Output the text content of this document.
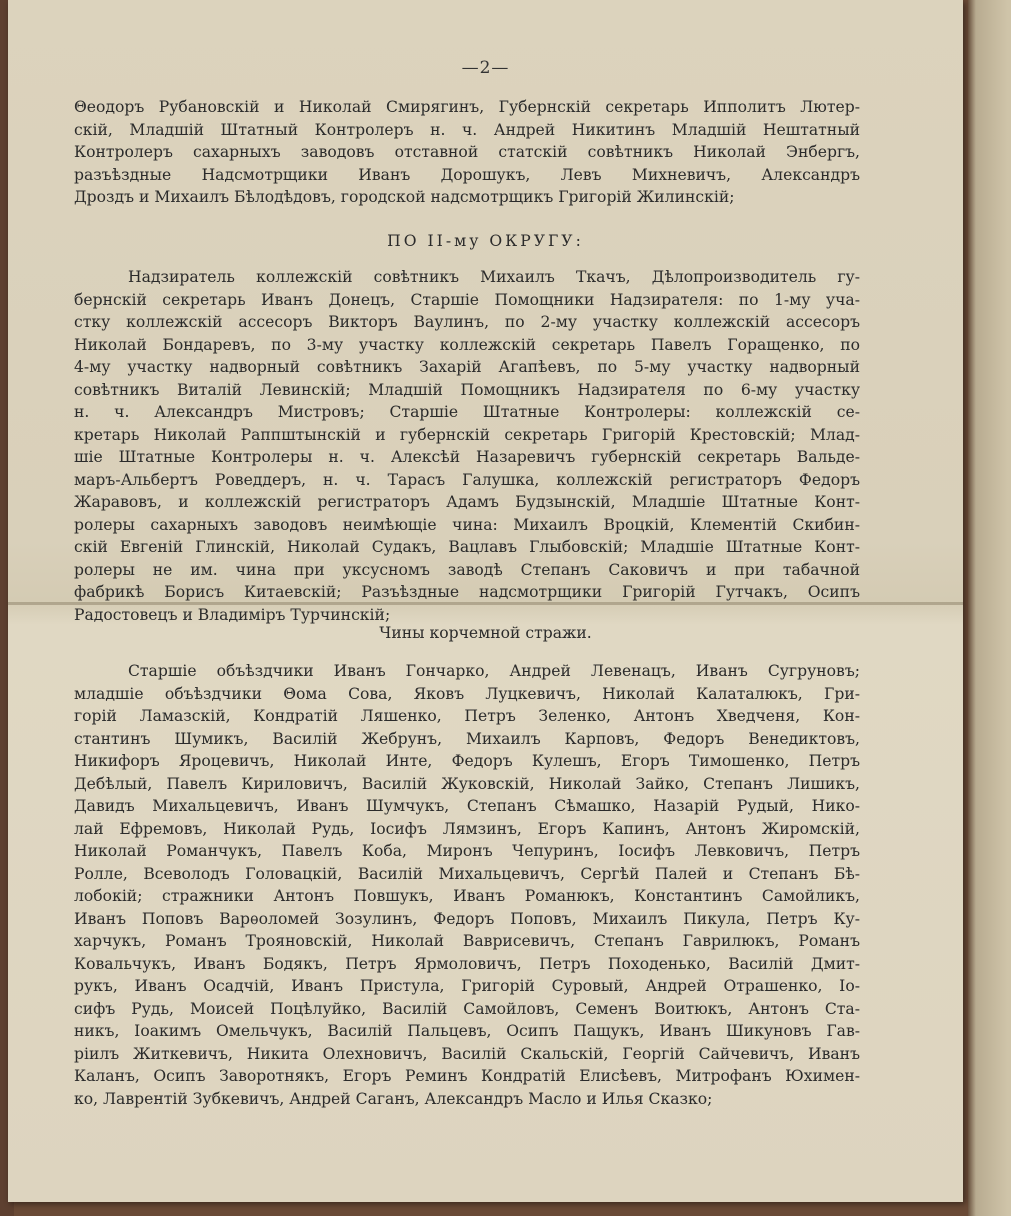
—2—
Θеодоръ Рубановскій и Николай Смирягинъ, Губернскій секретарь Ипполитъ Лютер-
скій, Младшій Штатный Контролеръ н. ч. Андрей Никитинъ Младшій Нештатный
Контролеръ сахарныхъ заводовъ отставной статскій совѣтникъ Николай Энбергъ,
разъѣздные Надсмотрщики Иванъ Дорошукъ, Левъ Михневичъ, Александръ
Дроздъ и Михаилъ Бѣлодѣдовъ, городской надсмотрщикъ Григорій Жилинскій;
ПО ІІ-му ОКРУГУ:
Надзиратель коллежскій совѣтникъ Михаилъ Ткачъ, Дѣлопроизводитель гу-
бернскій секретарь Иванъ Донецъ, Старшіе Помощники Надзирателя: по 1-му уча-
стку коллежскій ассесоръ Викторъ Ваулинъ, по 2-му участку коллежскій ассесоръ
Николай Бондаревъ, по 3-му участку коллежскій секретарь Павелъ Горащенко, по
4-му участку надворный совѣтникъ Захарій Агапѣевъ, по 5-му участку надворный
совѣтникъ Виталій Левинскій; Младшій Помощникъ Надзирателя по 6-му участку
н. ч. Александръ Мистровъ; Старшіе Штатные Контролеры: коллежскій се-
кретарь Николай Раппштынскій и губернскій секретарь Григорій Крестовскій; Млад-
шіе Штатные Контролеры н. ч. Алексѣй Назаревичъ губернскій секретарь Вальде-
маръ-Альбертъ Роведдеръ, н. ч. Тарасъ Галушка, коллежскій регистраторъ Федоръ
Жаравовъ, и коллежскій регистраторъ Адамъ Будзынскій, Младшіе Штатные Конт-
ролеры сахарныхъ заводовъ неимѣющіе чина: Михаилъ Вроцкій, Клементій Скибин-
скій Евгеній Глинскій, Николай Судакъ, Вацлавъ Глыбовскій; Младшіе Штатные Конт-
ролеры не им. чина при уксусномъ заводѣ Степанъ Саковичъ и при табачной
фабрикѣ Борисъ Китаевскій; Разъѣздные надсмотрщики Григорій Гутчакъ, Осипъ
Радостовецъ и Владиміръ Турчинскій;
Чины корчемной стражи.
Старшіе объѣздчики Иванъ Гончарко, Андрей Левенацъ, Иванъ Сугруновъ;
младшіе объѣздчики Θома Сова, Яковъ Луцкевичъ, Николай Калаталюкъ, Гри-
горій Ламазскій, Кондратій Ляшенко, Петръ Зеленко, Антонъ Хведченя, Кон-
стантинъ Шумикъ, Василій Жебрунъ, Михаилъ Карповъ, Федоръ Венедиктовъ,
Никифоръ Яроцевичъ, Николай Инте, Федоръ Кулешъ, Егоръ Тимошенко, Петръ
Дебѣлый, Павелъ Кириловичъ, Василій Жуковскій, Николай Зайко, Степанъ Лишикъ,
Давидъ Михальцевичъ, Иванъ Шумчукъ, Степанъ Сѣмашко, Назарій Рудый, Нико-
лай Ефремовъ, Николай Рудь, Іосифъ Лямзинъ, Егоръ Капинъ, Антонъ Жиромскій,
Николай Романчукъ, Павелъ Коба, Миронъ Чепуринъ, Іосифъ Левковичъ, Петръ
Ролле, Всеволодъ Головацкій, Василій Михальцевичъ, Сергѣй Палей и Степанъ Бѣ-
лобокій; стражники Антонъ Повшукъ, Иванъ Романюкъ, Константинъ Самойликъ,
Иванъ Поповъ Варѳоломей Зозулинъ, Федоръ Поповъ, Михаилъ Пикула, Петръ Ку-
харчукъ, Романъ Трояновскій, Николай Ваврисевичъ, Степанъ Гаврилюкъ, Романъ
Ковальчукъ, Иванъ Бодякъ, Петръ Ярмоловичъ, Петръ Походенько, Василій Дмит-
рукъ, Иванъ Осадчій, Иванъ Пристула, Григорій Суровый, Андрей Отрашенко, Іо-
сифъ Рудь, Моисей Поцѣлуйко, Василій Самойловъ, Семенъ Воитюкъ, Антонъ Ста-
никъ, Іоакимъ Омельчукъ, Василій Пальцевъ, Осипъ Пащукъ, Иванъ Шикуновъ Гав-
ріилъ Житкевичъ, Никита Олехновичъ, Василій Скальскій, Георгій Сайчевичъ, Иванъ
Каланъ, Осипъ Заворотнякъ, Егоръ Реминъ Кондратій Елисѣевъ, Митрофанъ Юхимен-
ко, Лаврентій Зубкевичъ, Андрей Саганъ, Александръ Масло и Илья Сказко;
